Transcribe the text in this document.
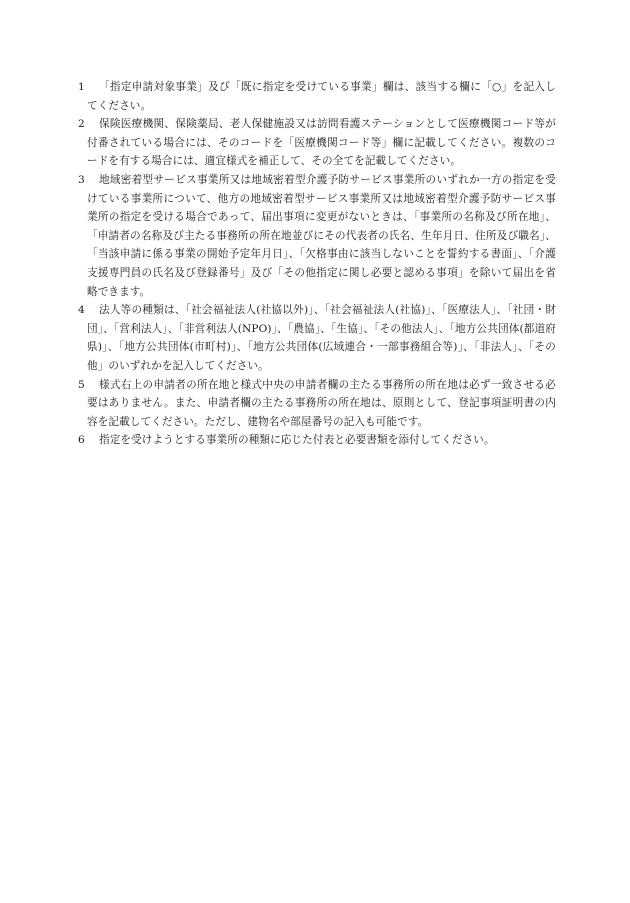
1	「指定申請対象事業」及び「既に指定を受けている事業」欄は、該当する欄に「○」を記入してください。
2	保険医療機関、保険薬局、老人保健施設又は訪問看護ステーションとして医療機関コード等が付番されている場合には、そのコードを「医療機関コード等」欄に記載してください。複数のコードを有する場合には、適宜様式を補正して、その全てを記載してください。
3	地域密着型サービス事業所又は地域密着型介護予防サービス事業所のいずれか一方の指定を受けている事業所について、他方の地域密着型サービス事業所又は地域密着型介護予防サービス事業所の指定を受ける場合であって、届出事項に変更がないときは、「事業所の名称及び所在地」、「申請者の名称及び主たる事務所の所在地並びにその代表者の氏名、生年月日、住所及び職名」、「当該申請に係る事業の開始予定年月日」、「欠格事由に該当しないことを誓約する書面」、「介護支援専門員の氏名及び登録番号」及び「その他指定に関し必要と認める事項」を除いて届出を省略できます。
4	法人等の種類は、「社会福祉法人(社協以外)」、「社会福祉法人(社協)」、「医療法人」、「社団・財団」、「営利法人」、「非営利法人(NPO)」、「農協」、「生協」、「その他法人」、「地方公共団体(都道府県)」、「地方公共団体(市町村)」、「地方公共団体(広域連合・一部事務組合等)」、「非法人」、「その他」のいずれかを記入してください。
5	様式右上の申請者の所在地と様式中央の申請者欄の主たる事務所の所在地は必ず一致させる必要はありません。また、申請者欄の主たる事務所の所在地は、原則として、登記事項証明書の内容を記載してください。ただし、建物名や部屋番号の記入も可能です。
6	指定を受けようとする事業所の種類に応じた付表と必要書類を添付してください。
